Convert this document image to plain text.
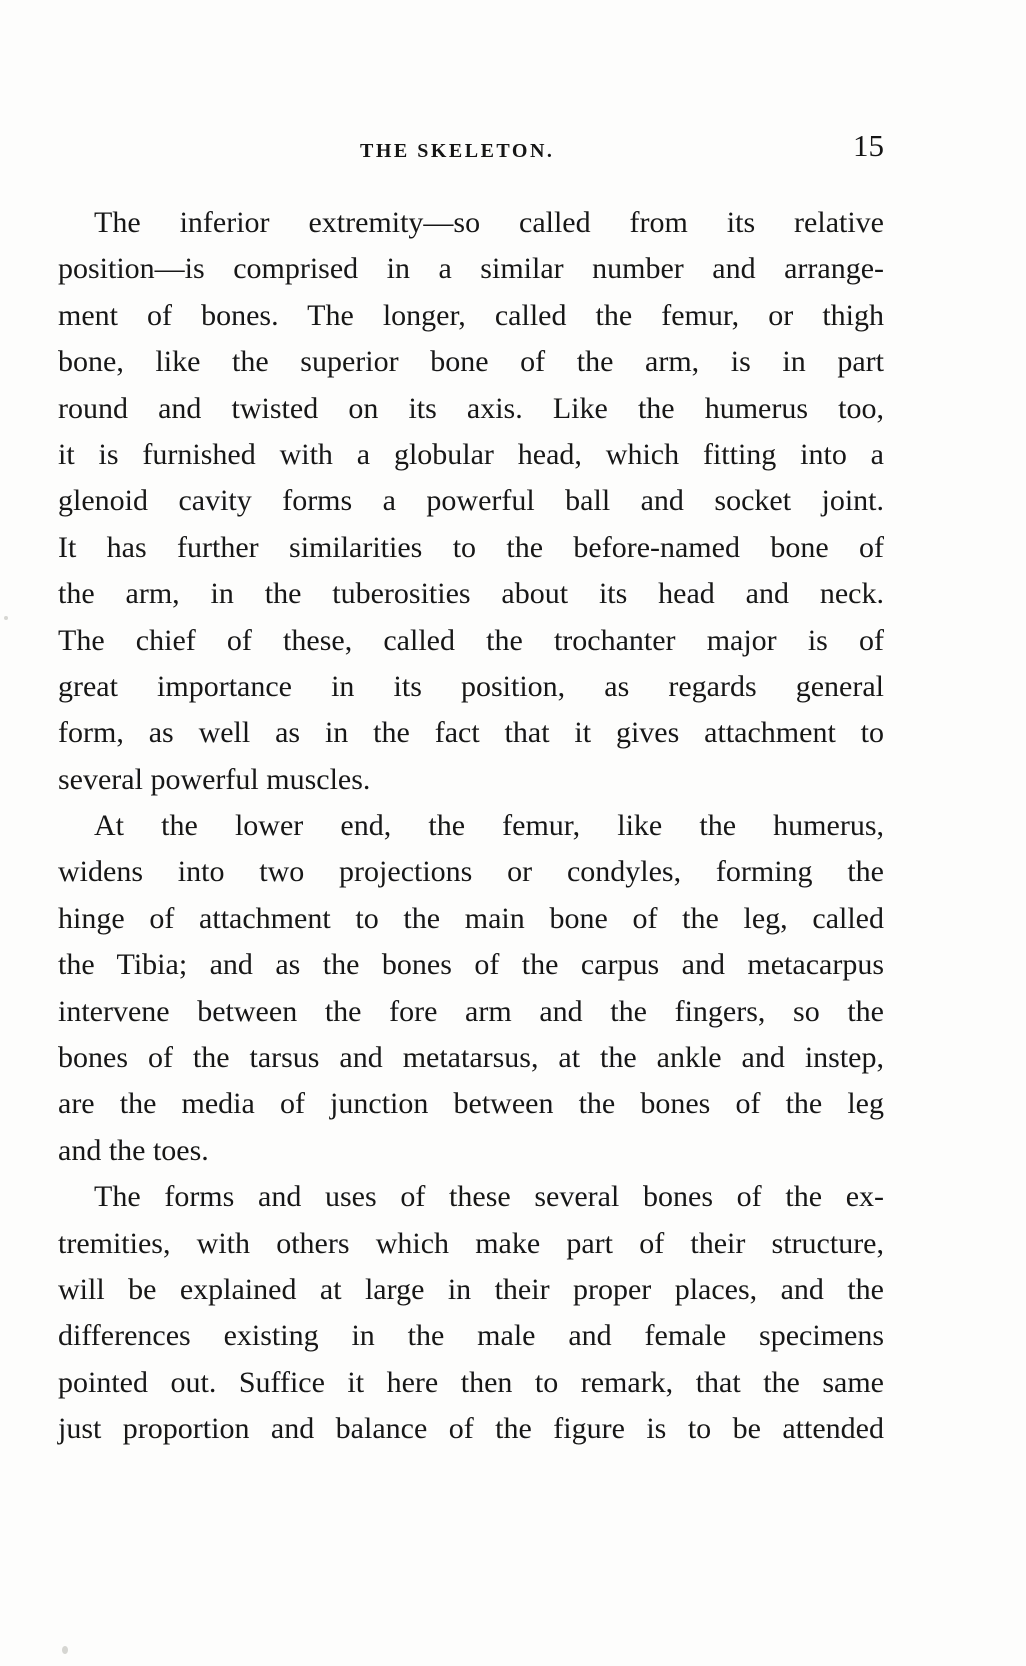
THE SKELETON.	15
The inferior extremity—so called from its relative
position—is comprised in a similar number and arrange-
ment of bones. The longer, called the femur, or thigh
bone, like the superior bone of the arm, is in part
round and twisted on its axis. Like the humerus too,
it is furnished with a globular head, which fitting into a
glenoid cavity forms a powerful ball and socket joint.
It has further similarities to the before-named bone of
the arm, in the tuberosities about its head and neck.
The chief of these, called the trochanter major is of
great importance in its position, as regards general
form, as well as in the fact that it gives attachment to
several powerful muscles.
At the lower end, the femur, like the humerus,
widens into two projections or condyles, forming the
hinge of attachment to the main bone of the leg, called
the Tibia; and as the bones of the carpus and metacarpus
intervene between the fore arm and the fingers, so the
bones of the tarsus and metatarsus, at the ankle and instep,
are the media of junction between the bones of the leg
and the toes.
The forms and uses of these several bones of the ex-
tremities, with others which make part of their structure,
will be explained at large in their proper places, and the
differences existing in the male and female specimens
pointed out. Suffice it here then to remark, that the same
just proportion and balance of the figure is to be attended
